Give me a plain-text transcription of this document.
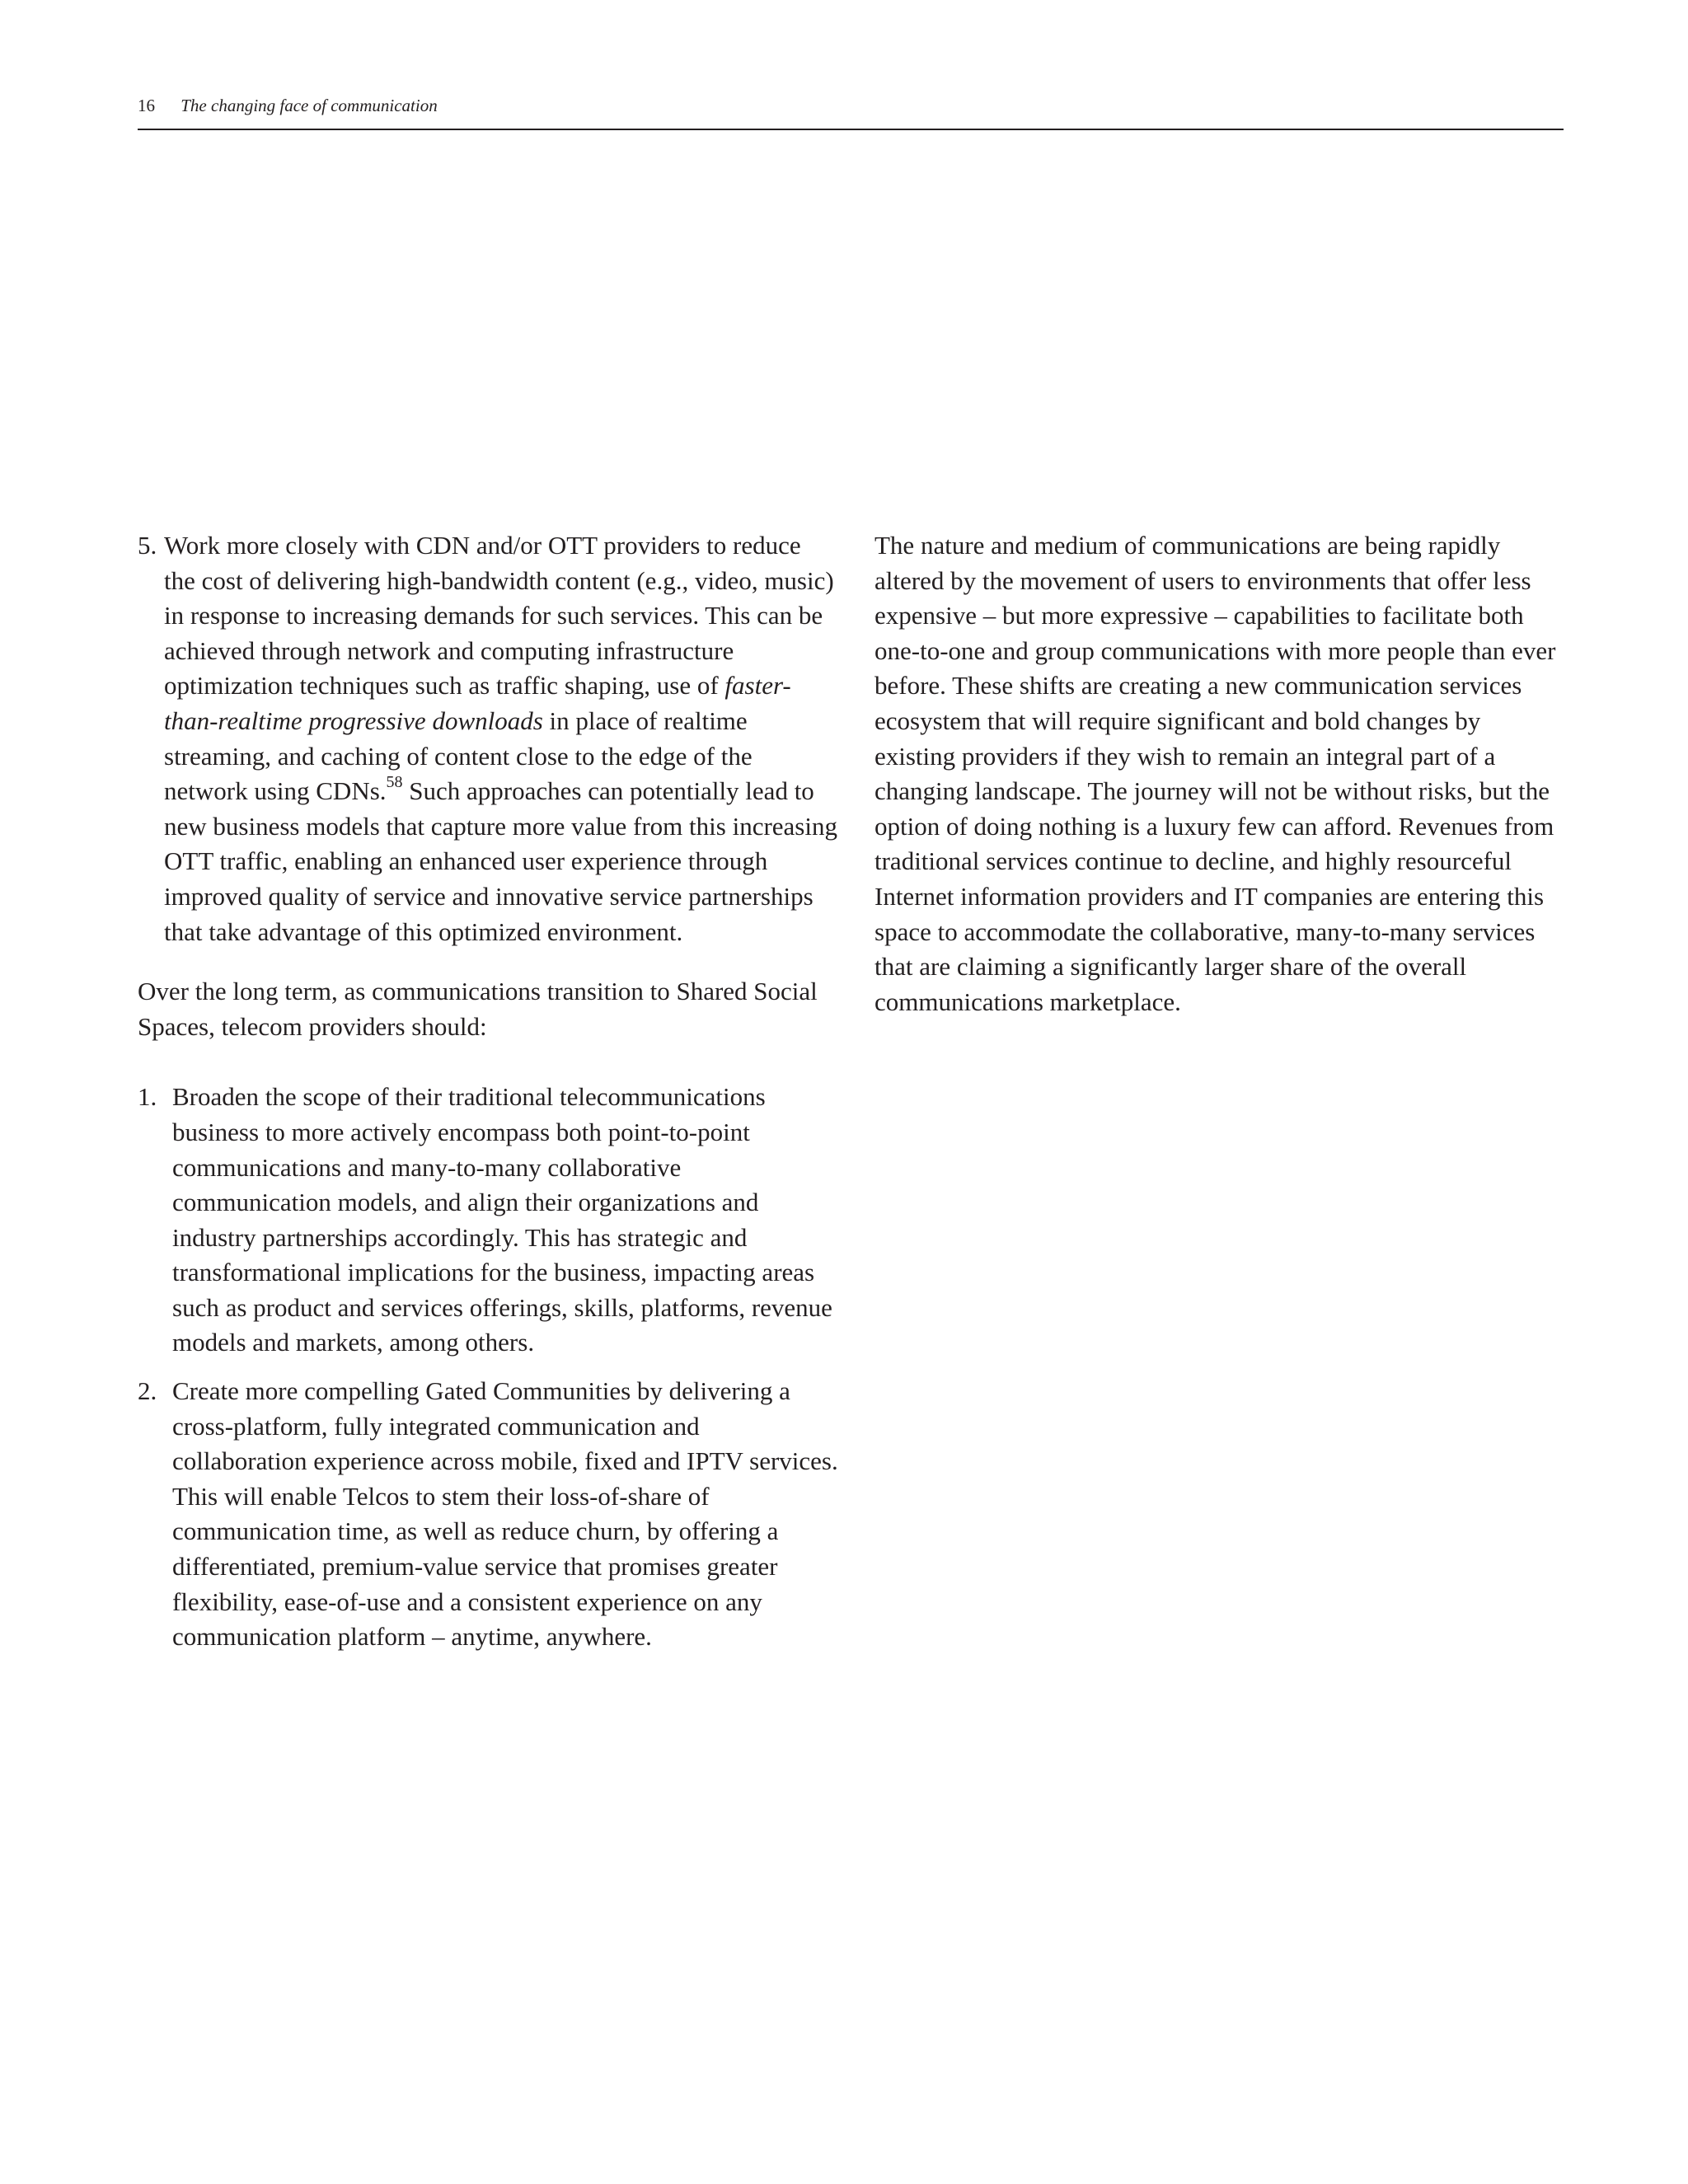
16 The changing face of communication
5. Work more closely with CDN and/or OTT providers to reduce the cost of delivering high-bandwidth content (e.g., video, music) in response to increasing demands for such services. This can be achieved through network and computing infrastructure optimization techniques such as traffic shaping, use of faster-than-realtime progressive downloads in place of realtime streaming, and caching of content close to the edge of the network using CDNs.$^{58}$ Such approaches can potentially lead to new business models that capture more value from this increasing OTT traffic, enabling an enhanced user experience through improved quality of service and innovative service partnerships that take advantage of this optimized environment.

Over the long term, as communications transition to Shared Social Spaces, telecom providers should:

1. Broaden the scope of their traditional telecommunications business to more actively encompass both point-to-point communications and many-to-many collaborative communication models, and align their organizations and industry partnerships accordingly. This has strategic and transformational implications for the business, impacting areas such as product and services offerings, skills, platforms, revenue models and markets, among others.
2. Create more compelling Gated Communities by delivering a cross-platform, fully integrated communication and collaboration experience across mobile, fixed and IPTV services. This will enable Telcos to stem their loss-of-share of communication time, as well as reduce churn, by offering a differentiated, premium-value service that promises greater flexibility, ease-of-use and a consistent experience on any communication platform – anytime, anywhere.

The nature and medium of communications are being rapidly altered by the movement of users to environments that offer less expensive – but more expressive – capabilities to facilitate both one-to-one and group communications with more people than ever before. These shifts are creating a new communication services ecosystem that will require significant and bold changes by existing providers if they wish to remain an integral part of a changing landscape. The journey will not be without risks, but the option of doing nothing is a luxury few can afford. Revenues from traditional services continue to decline, and highly resourceful Internet information providers and IT companies are entering this space to accommodate the collaborative, many-to-many services that are claiming a significantly larger share of the overall communications marketplace.
